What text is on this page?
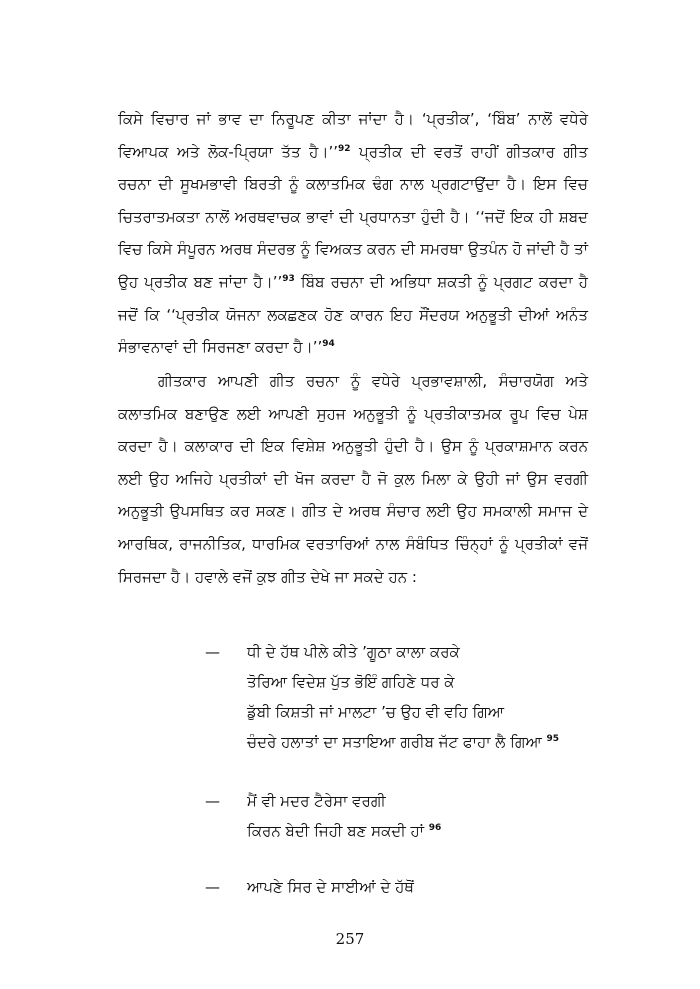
ਕਿਸੇ ਵਿਚਾਰ ਜਾਂ ਭਾਵ ਦਾ ਨਿਰੂਪਣ ਕੀਤਾ ਜਾਂਦਾ ਹੈ। ‘ਪ੍ਰਤੀਕ’, ‘ਬਿੰਬ’ ਨਾਲੋਂ ਵਧੇਰੇ ਵਿਆਪਕ ਅਤੇ ਲੋਕ-ਪ੍ਰਿਯਾ ਤੱਤ ਹੈ।’’$^{92}$ ਪ੍ਰਤੀਕ ਦੀ ਵਰਤੋਂ ਰਾਹੀਂ ਗੀਤਕਾਰ ਗੀਤ ਰਚਨਾ ਦੀ ਸੂਖਮਭਾਵੀ ਬਿਰਤੀ ਨੂੰ ਕਲਾਤਮਿਕ ਢੰਗ ਨਾਲ ਪ੍ਰਗਟਾਉਂਦਾ ਹੈ। ਇਸ ਵਿਚ ਚਿਤਰਾਤਮਕਤਾ ਨਾਲੋਂ ਅਰਥਵਾਚਕ ਭਾਵਾਂ ਦੀ ਪ੍ਰਧਾਨਤਾ ਹੁੰਦੀ ਹੈ। ‘‘ਜਦੋਂ ਇਕ ਹੀ ਸ਼ਬਦ ਵਿਚ ਕਿਸੇ ਸੰਪੂਰਨ ਅਰਥ ਸੰਦਰਭ ਨੂੰ ਵਿਅਕਤ ਕਰਨ ਦੀ ਸਮਰਥਾ ਉਤਪੰਨ ਹੋ ਜਾਂਦੀ ਹੈ ਤਾਂ ਉਹ ਪ੍ਰਤੀਕ ਬਣ ਜਾਂਦਾ ਹੈ।’’$^{93}$ ਬਿੰਬ ਰਚਨਾ ਦੀ ਅਭਿਧਾ ਸ਼ਕਤੀ ਨੂੰ ਪ੍ਰਗਟ ਕਰਦਾ ਹੈ ਜਦੋਂ ਕਿ ‘‘ਪ੍ਰਤੀਕ ਯੋਜਨਾ ਲਕਛਣਕ ਹੋਣ ਕਾਰਨ ਇਹ ਸੌਂਦਰਯ ਅਨੁਭੂਤੀ ਦੀਆਂ ਅਨੰਤ ਸੰਭਾਵਨਾਵਾਂ ਦੀ ਸਿਰਜਣਾ ਕਰਦਾ ਹੈ।’’$^{94}$

ਗੀਤਕਾਰ ਆਪਣੀ ਗੀਤ ਰਚਨਾ ਨੂੰ ਵਧੇਰੇ ਪ੍ਰਭਾਵਸ਼ਾਲੀ, ਸੰਚਾਰਯੋਗ ਅਤੇ ਕਲਾਤਮਿਕ ਬਣਾਉਣ ਲਈ ਆਪਣੀ ਸੁਹਜ ਅਨੁਭੂਤੀ ਨੂੰ ਪ੍ਰਤੀਕਾਤਮਕ ਰੂਪ ਵਿਚ ਪੇਸ਼ ਕਰਦਾ ਹੈ। ਕਲਾਕਾਰ ਦੀ ਇਕ ਵਿਸ਼ੇਸ਼ ਅਨੁਭੂਤੀ ਹੁੰਦੀ ਹੈ। ਉਸ ਨੂੰ ਪ੍ਰਕਾਸ਼ਮਾਨ ਕਰਨ ਲਈ ਉਹ ਅਜਿਹੇ ਪ੍ਰਤੀਕਾਂ ਦੀ ਖੋਜ ਕਰਦਾ ਹੈ ਜੋ ਕੁਲ ਮਿਲਾ ਕੇ ਉਹੀ ਜਾਂ ਉਸ ਵਰਗੀ ਅਨੁਭੂਤੀ ਉਪਸਥਿਤ ਕਰ ਸਕਣ। ਗੀਤ ਦੇ ਅਰਥ ਸੰਚਾਰ ਲਈ ਉਹ ਸਮਕਾਲੀ ਸਮਾਜ ਦੇ ਆਰਥਿਕ, ਰਾਜਨੀਤਿਕ, ਧਾਰਮਿਕ ਵਰਤਾਰਿਆਂ ਨਾਲ ਸੰਬੰਧਿਤ ਚਿੰਨ੍ਹਾਂ ਨੂੰ ਪ੍ਰਤੀਕਾਂ ਵਜੋਂ ਸਿਰਜਦਾ ਹੈ। ਹਵਾਲੇ ਵਜੋਂ ਕੁਝ ਗੀਤ ਦੇਖੇ ਜਾ ਸਕਦੇ ਹਨ :

— ਧੀ ਦੇ ਹੱਥ ਪੀਲੇ ਕੀਤੇ ’ਗੂਠਾ ਕਾਲਾ ਕਰਕੇ
ਤੋਰਿਆ ਵਿਦੇਸ਼ ਪੁੱਤ ਭੋਇੰ ਗਹਿਣੇ ਧਰ ਕੇ
ਡੁੱਬੀ ਕਿਸ਼ਤੀ ਜਾਂ ਮਾਲਟਾ ’ਚ ਉਹ ਵੀ ਵਹਿ ਗਿਆ
ਚੰਦਰੇ ਹਲਾਤਾਂ ਦਾ ਸਤਾਇਆ ਗਰੀਬ ਜੱਟ ਫਾਹਾ ਲੈ ਗਿਆ $^{95}$
— ਮੈਂ ਵੀ ਮਦਰ ਟੈਰੇਸਾ ਵਰਗੀ
ਕਿਰਨ ਬੇਦੀ ਜਿਹੀ ਬਣ ਸਕਦੀ ਹਾਂ $^{96}$
— ਆਪਣੇ ਸਿਰ ਦੇ ਸਾਈਆਂ ਦੇ ਹੱਥੋਂ
257
